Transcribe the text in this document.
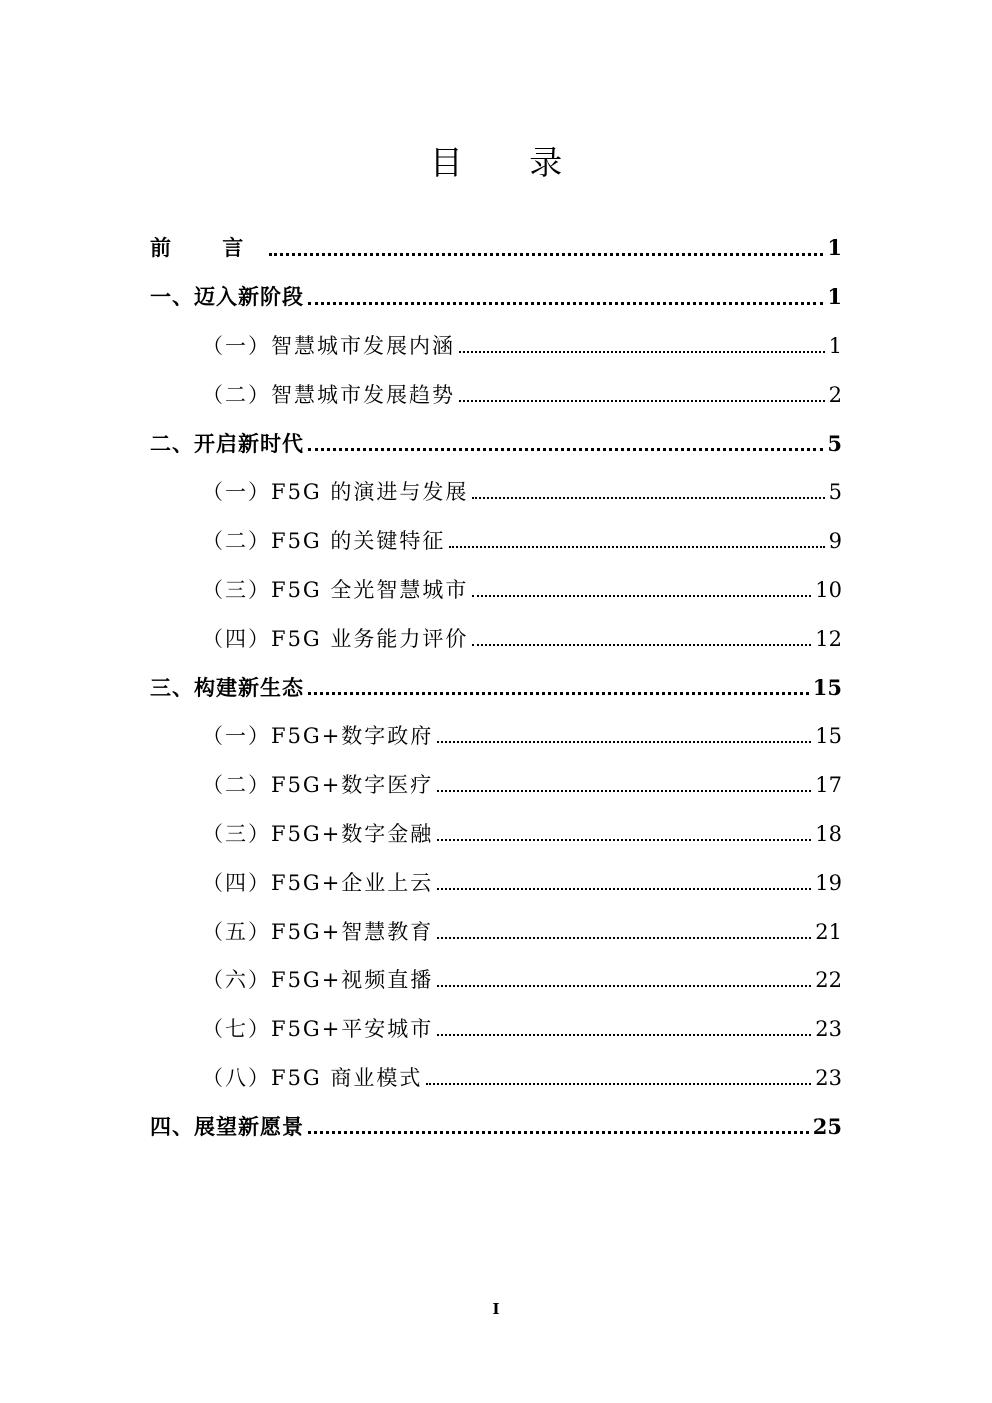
目 录
前 言	1
一、迈入新阶段	1
（一）智慧城市发展内涵	1
（二）智慧城市发展趋势	2
二、开启新时代	5
（一）F5G 的演进与发展	5
（二）F5G 的关键特征	9
（三）F5G 全光智慧城市	10
（四）F5G 业务能力评价	12
三、构建新生态	15
（一）F5G+数字政府	15
（二）F5G+数字医疗	17
（三）F5G+数字金融	18
（四）F5G+企业上云	19
（五）F5G+智慧教育	21
（六）F5G+视频直播	22
（七）F5G+平安城市	23
（八）F5G 商业模式	23
四、展望新愿景	25
I
